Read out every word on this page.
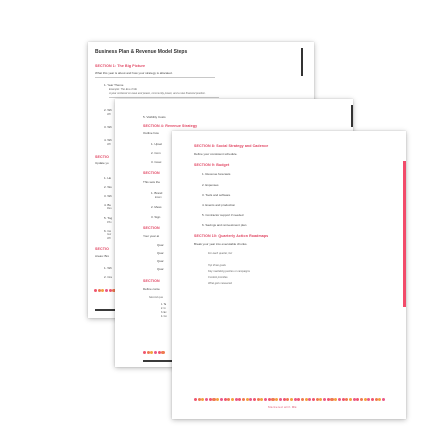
Business Plan & Revenue Model Steps
SECTION 1: The Big Picture
What this year is about and how your strategy is allocated.
1. Year Theme
Example: The Era of Me
A year centered on ease and peace, community power, and a new financial position.
2. Wh
Wh
3. Wh
4. Wh
Wh
SECTIO
Update yo
1. Ho
2. Wo
3. Wh
4. Bu
Res
5. Tog
Pho
6. Co
Gol
Wh
SECTIO
Areas: Bro
1. Wh
2. Cre
5. Visibility Costs
SECTION 4: Revenue Strategy
Outline how
1. Upsel
2. Com
3. Coac
SECTION
This sets the
1. Brand
Exam
2. Mess
3. Sign
SECTION
Your year at
Quar
Quar
Quar
Quar
SECTION
Define conte
Second qua
1. Ta
2. In
3. Ev
4. Co
SECTION 8: Social Strategy and Cadence
Define your consistent schedule.
SECTION 9: Budget
1. Revenue forecasts
2. Expenses
3. Tools and software
4. Events and production
5. Contractor support if needed
6. Savings and reinvestment plan
SECTION 10: Quarterly Action Roadmaps
Break your year into executable chunks.
For each quarter, list:
Top three goals
Key marketing pushes or campaigns
Content priorities
What gets measured
Marketed with ME
